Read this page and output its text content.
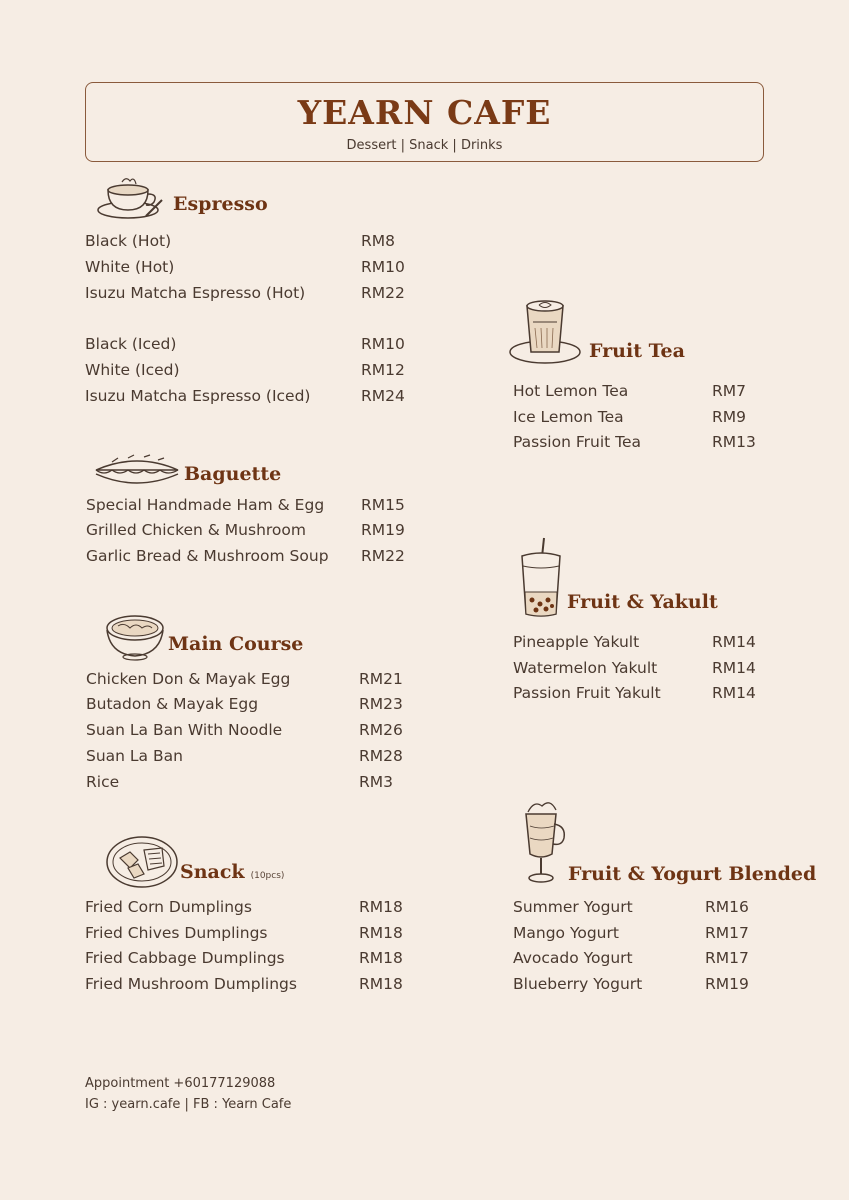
YEARN CAFE
Dessert | Snack | Drinks
Espresso
Black (Hot)	RM8
White (Hot)	RM10
Isuzu Matcha Espresso (Hot)	RM22
Black (Iced)	RM10
White (Iced)	RM12
Isuzu Matcha Espresso (Iced)	RM24
Baguette
Special Handmade Ham & Egg RM15
Grilled Chicken & Mushroom	RM19
Garlic Bread & Mushroom Soup RM22
Main Course
Chicken Don & Mayak Egg	RM21
Butadon & Mayak Egg	RM23
Suan La Ban With Noodle	RM26
Suan La Ban	RM28
Rice	RM3
Snack (10pcs)
Fried Corn Dumplings	RM18
Fried Chives Dumplings	RM18
Fried Cabbage Dumplings	RM18
Fried Mushroom Dumplings	RM18
Fruit Tea
Hot Lemon Tea	RM7
Ice Lemon Tea	RM9
Passion Fruit Tea	RM13
Fruit & Yakult
Pineapple Yakult	RM14
Watermelon Yakult	RM14
Passion Fruit Yakult	RM14
Fruit & Yogurt Blended
Summer Yogurt	RM16
Mango Yogurt	RM17
Avocado Yogurt	RM17
Blueberry Yogurt	RM19
Appointment +60177129088
IG : yearn.cafe | FB : Yearn Cafe
